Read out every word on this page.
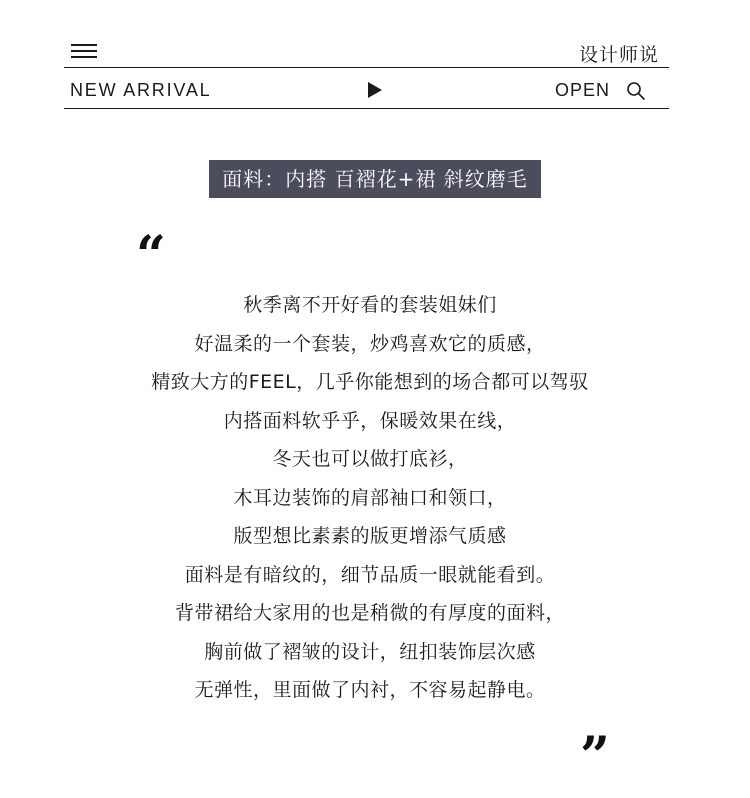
设计师说
NEW ARRIVAL	OPEN
面料：内搭 百褶花+裙 斜纹磨毛
“
秋季离不开好看的套装姐妹们
好温柔的一个套装，炒鸡喜欢它的质感，
精致大方的FEEL，几乎你能想到的场合都可以驾驭
内搭面料软乎乎，保暖效果在线，
冬天也可以做打底衫，
木耳边装饰的肩部袖口和领口，
版型想比素素的版更增添气质感
面料是有暗纹的，细节品质一眼就能看到。
背带裙给大家用的也是稍微的有厚度的面料，
胸前做了褶皱的设计，纽扣装饰层次感
无弹性，里面做了内衬，不容易起静电。
”
